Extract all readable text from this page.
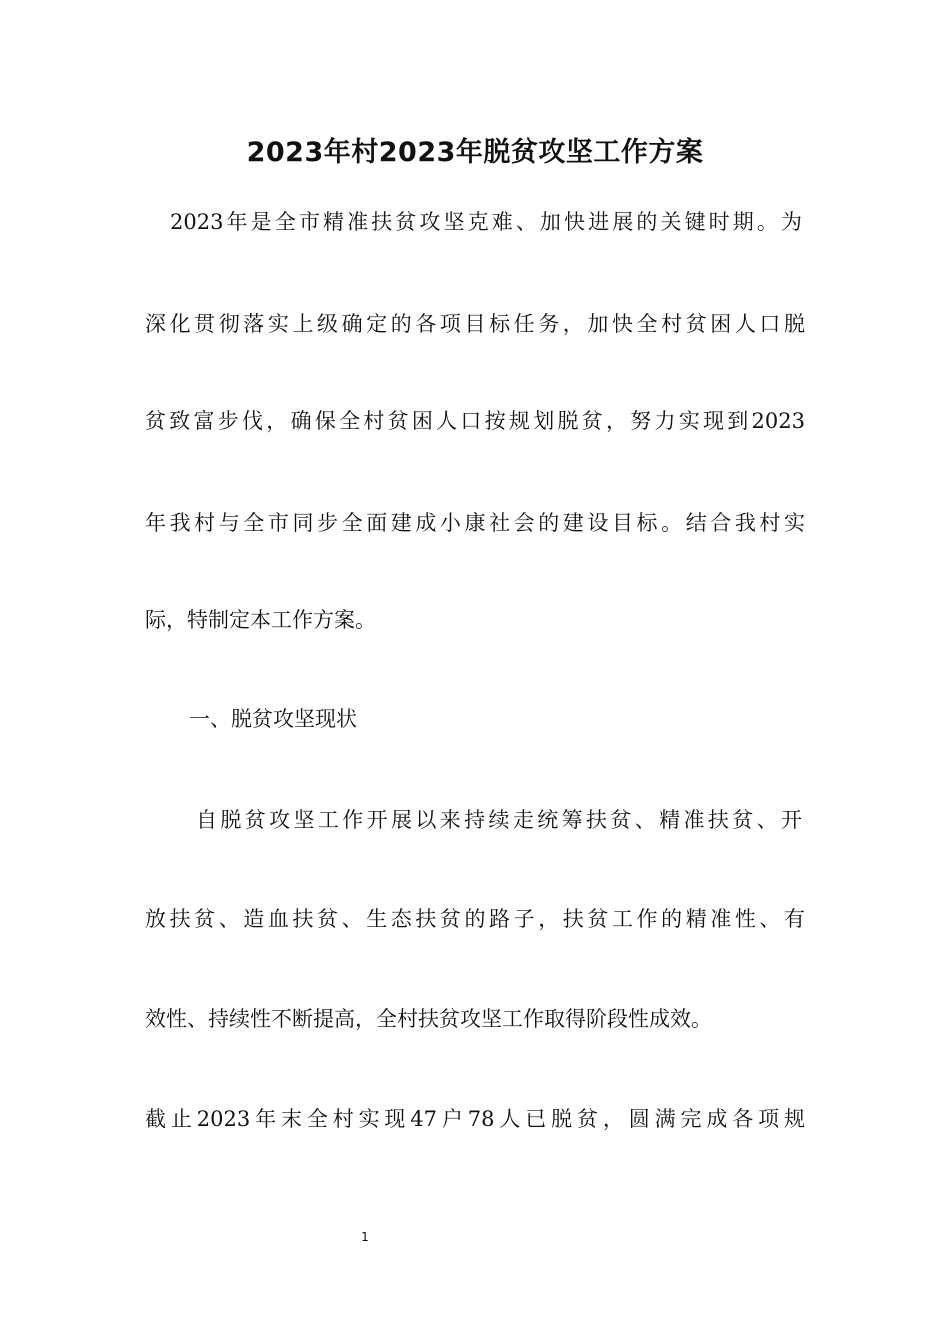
2023年村2023年脱贫攻坚工作方案

2023年是全市精准扶贫攻坚克难、加快进展的关键时期。为

深化贯彻落实上级确定的各项目标任务，加快全村贫困人口脱

贫致富步伐，确保全村贫困人口按规划脱贫，努力实现到2023

年我村与全市同步全面建成小康社会的建设目标。结合我村实

际，特制定本工作方案。

一、脱贫攻坚现状

自脱贫攻坚工作开展以来持续走统筹扶贫、精准扶贫、开

放扶贫、造血扶贫、生态扶贫的路子，扶贫工作的精准性、有

效性、持续性不断提高，全村扶贫攻坚工作取得阶段性成效。

截止2023年末全村实现47户78人已脱贫，圆满完成各项规

1
